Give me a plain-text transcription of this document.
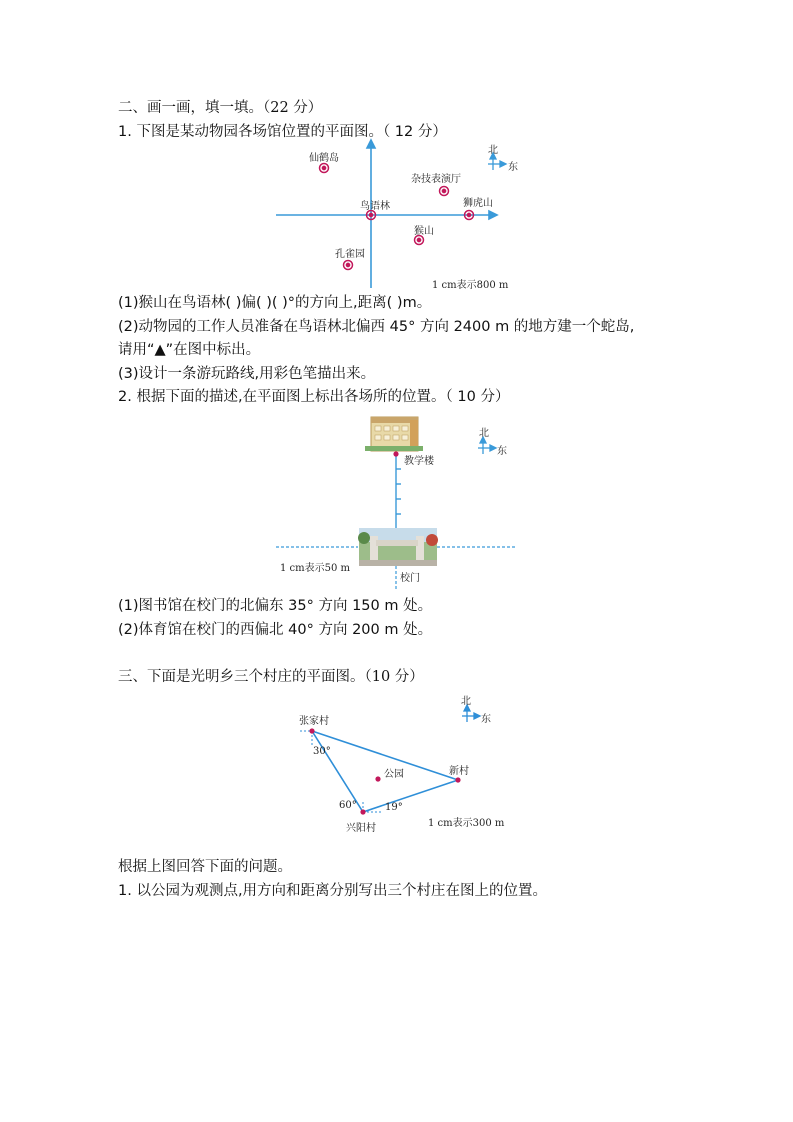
二、画一画，填一填。（22 分）
1. 下图是某动物园各场馆位置的平面图。（ 12 分）
北
东
仙鹤岛
杂技表演厅
鸟语林	狮虎山
猴山
孔雀园
1 cm表示800 m
(1)猴山在鸟语林( )偏( )( )°的方向上,距离( )m。
(2)动物园的工作人员准备在鸟语林北偏西 45° 方向 2400 m 的地方建一个蛇岛,
请用“▲”在图中标出。
(3)设计一条游玩路线,用彩色笔描出来。
2. 根据下面的描述,在平面图上标出各场所的位置。（ 10 分）
北
东
教学楼
1 cm表示50 m
校门
(1)图书馆在校门的北偏东 35° 方向 150 m 处。
(2)体育馆在校门的西偏北 40° 方向 200 m 处。
三、下面是光明乡三个村庄的平面图。（10 分）
北
东
张家村
新村
兴阳村
公园
30°
60°	19°
1 cm表示300 m
根据上图回答下面的问题。
1. 以公园为观测点,用方向和距离分别写出三个村庄在图上的位置。
